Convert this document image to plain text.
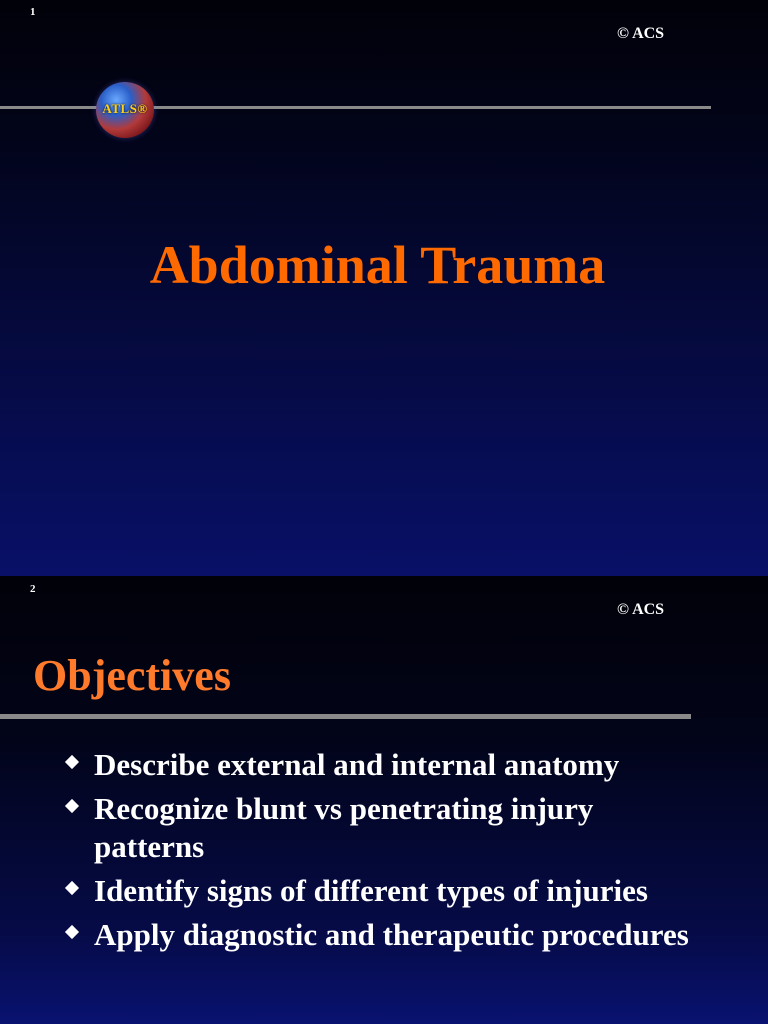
1
© ACS
ATLS®
Abdominal Trauma
2
© ACS
Objectives
Describe external and internal anatomy
Recognize blunt vs penetrating injury patterns
Identify signs of different types of injuries
Apply diagnostic and therapeutic procedures
